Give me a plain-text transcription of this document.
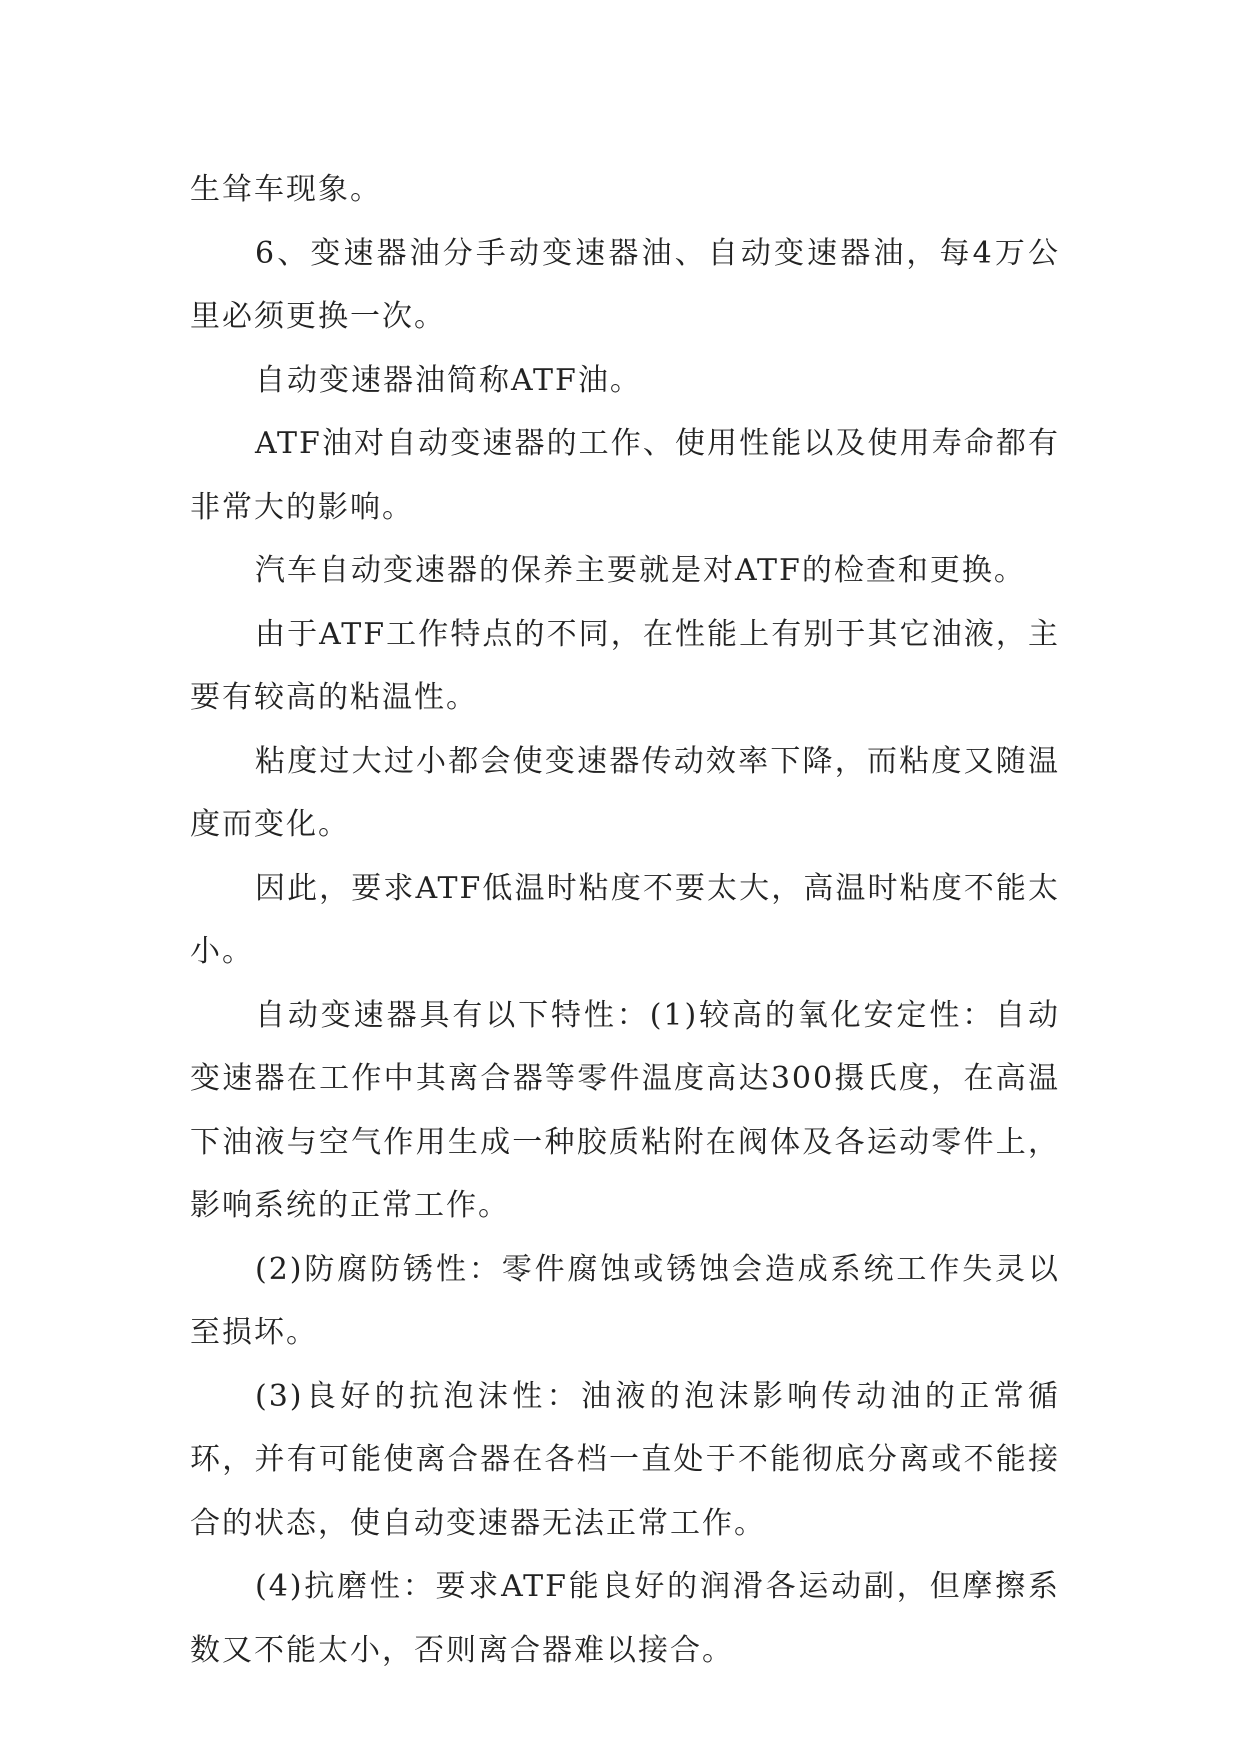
生耸车现象。

6、变速器油分手动变速器油、自动变速器油，每4万公里必须更换一次。

自动变速器油简称ATF油。

ATF油对自动变速器的工作、使用性能以及使用寿命都有非常大的影响。

汽车自动变速器的保养主要就是对ATF的检查和更换。

由于ATF工作特点的不同，在性能上有别于其它油液，主要有较高的粘温性。

粘度过大过小都会使变速器传动效率下降，而粘度又随温度而变化。

因此，要求ATF低温时粘度不要太大，高温时粘度不能太小。

自动变速器具有以下特性：(1)较高的氧化安定性：自动变速器在工作中其离合器等零件温度高达300摄氏度，在高温下油液与空气作用生成一种胶质粘附在阀体及各运动零件上，影响系统的正常工作。

(2)防腐防锈性：零件腐蚀或锈蚀会造成系统工作失灵以至损坏。

(3)良好的抗泡沫性：油液的泡沫影响传动油的正常循环，并有可能使离合器在各档一直处于不能彻底分离或不能接合的状态，使自动变速器无法正常工作。

(4)抗磨性：要求ATF能良好的润滑各运动副，但摩擦系数又不能太小，否则离合器难以接合。
